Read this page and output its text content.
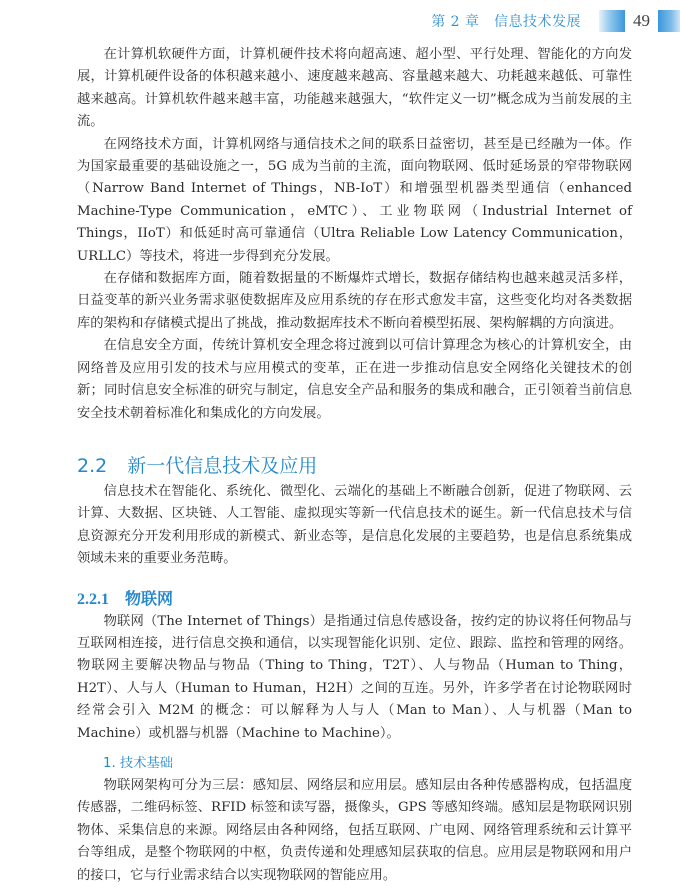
第 2 章　信息技术发展	49

在计算机软硬件方面，计算机硬件技术将向超高速、超小型、平行处理、智能化的方向发展，计算机硬件设备的体积越来越小、速度越来越高、容量越来越大、功耗越来越低、可靠性越来越高。计算机软件越来越丰富，功能越来越强大，“软件定义一切”概念成为当前发展的主流。

在网络技术方面，计算机网络与通信技术之间的联系日益密切，甚至是已经融为一体。作为国家最重要的基础设施之一，5G 成为当前的主流，面向物联网、低时延场景的窄带物联网（Narrow Band Internet of Things，NB-IoT）和增强型机器类型通信（enhanced Machine-Type Communication，eMTC）、工业物联网（Industrial Internet of Things，IIoT）和低延时高可靠通信（Ultra Reliable Low Latency Communication，URLLC）等技术，将进一步得到充分发展。

在存储和数据库方面，随着数据量的不断爆炸式增长，数据存储结构也越来越灵活多样，日益变革的新兴业务需求驱使数据库及应用系统的存在形式愈发丰富，这些变化均对各类数据库的架构和存储模式提出了挑战，推动数据库技术不断向着模型拓展、架构解耦的方向演进。

在信息安全方面，传统计算机安全理念将过渡到以可信计算理念为核心的计算机安全，由网络普及应用引发的技术与应用模式的变革，正在进一步推动信息安全网络化关键技术的创新；同时信息安全标准的研究与制定，信息安全产品和服务的集成和融合，正引领着当前信息安全技术朝着标准化和集成化的方向发展。

2.2 新一代信息技术及应用

信息技术在智能化、系统化、微型化、云端化的基础上不断融合创新，促进了物联网、云计算、大数据、区块链、人工智能、虚拟现实等新一代信息技术的诞生。新一代信息技术与信息资源充分开发利用形成的新模式、新业态等，是信息化发展的主要趋势，也是信息系统集成领域未来的重要业务范畴。

2.2.1 物联网

物联网（The Internet of Things）是指通过信息传感设备，按约定的协议将任何物品与互联网相连接，进行信息交换和通信，以实现智能化识别、定位、跟踪、监控和管理的网络。物联网主要解决物品与物品（Thing to Thing，T2T）、人与物品（Human to Thing，H2T）、人与人（Human to Human，H2H）之间的互连。另外，许多学者在讨论物联网时经常会引入 M2M 的概念：可以解释为人与人（Man to Man）、人与机器（Man to Machine）或机器与机器（Machine to Machine）。

1. 技术基础

物联网架构可分为三层：感知层、网络层和应用层。感知层由各种传感器构成，包括温度传感器，二维码标签、RFID 标签和读写器，摄像头，GPS 等感知终端。感知层是物联网识别物体、采集信息的来源。网络层由各种网络，包括互联网、广电网、网络管理系统和云计算平台等组成，是整个物联网的中枢，负责传递和处理感知层获取的信息。应用层是物联网和用户的接口，它与行业需求结合以实现物联网的智能应用。
